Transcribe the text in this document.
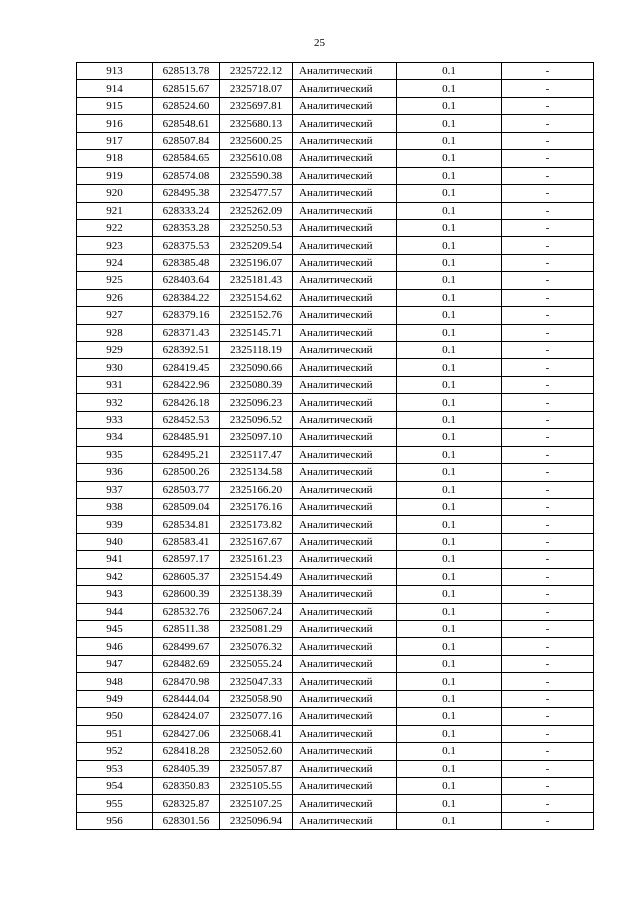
25
913	628513.78	2325722.12	Аналитический	0.1	-
914	628515.67	2325718.07	Аналитический	0.1	-
915	628524.60	2325697.81	Аналитический	0.1	-
916	628548.61	2325680.13	Аналитический	0.1	-
917	628507.84	2325600.25	Аналитический	0.1	-
918	628584.65	2325610.08	Аналитический	0.1	-
919	628574.08	2325590.38	Аналитический	0.1	-
920	628495.38	2325477.57	Аналитический	0.1	-
921	628333.24	2325262.09	Аналитический	0.1	-
922	628353.28	2325250.53	Аналитический	0.1	-
923	628375.53	2325209.54	Аналитический	0.1	-
924	628385.48	2325196.07	Аналитический	0.1	-
925	628403.64	2325181.43	Аналитический	0.1	-
926	628384.22	2325154.62	Аналитический	0.1	-
927	628379.16	2325152.76	Аналитический	0.1	-
928	628371.43	2325145.71	Аналитический	0.1	-
929	628392.51	2325118.19	Аналитический	0.1	-
930	628419.45	2325090.66	Аналитический	0.1	-
931	628422.96	2325080.39	Аналитический	0.1	-
932	628426.18	2325096.23	Аналитический	0.1	-
933	628452.53	2325096.52	Аналитический	0.1	-
934	628485.91	2325097.10	Аналитический	0.1	-
935	628495.21	2325117.47	Аналитический	0.1	-
936	628500.26	2325134.58	Аналитический	0.1	-
937	628503.77	2325166.20	Аналитический	0.1	-
938	628509.04	2325176.16	Аналитический	0.1	-
939	628534.81	2325173.82	Аналитический	0.1	-
940	628583.41	2325167.67	Аналитический	0.1	-
941	628597.17	2325161.23	Аналитический	0.1	-
942	628605.37	2325154.49	Аналитический	0.1	-
943	628600.39	2325138.39	Аналитический	0.1	-
944	628532.76	2325067.24	Аналитический	0.1	-
945	628511.38	2325081.29	Аналитический	0.1	-
946	628499.67	2325076.32	Аналитический	0.1	-
947	628482.69	2325055.24	Аналитический	0.1	-
948	628470.98	2325047.33	Аналитический	0.1	-
949	628444.04	2325058.90	Аналитический	0.1	-
950	628424.07	2325077.16	Аналитический	0.1	-
951	628427.06	2325068.41	Аналитический	0.1	-
952	628418.28	2325052.60	Аналитический	0.1	-
953	628405.39	2325057.87	Аналитический	0.1	-
954	628350.83	2325105.55	Аналитический	0.1	-
955	628325.87	2325107.25	Аналитический	0.1	-
956	628301.56	2325096.94	Аналитический	0.1	-
